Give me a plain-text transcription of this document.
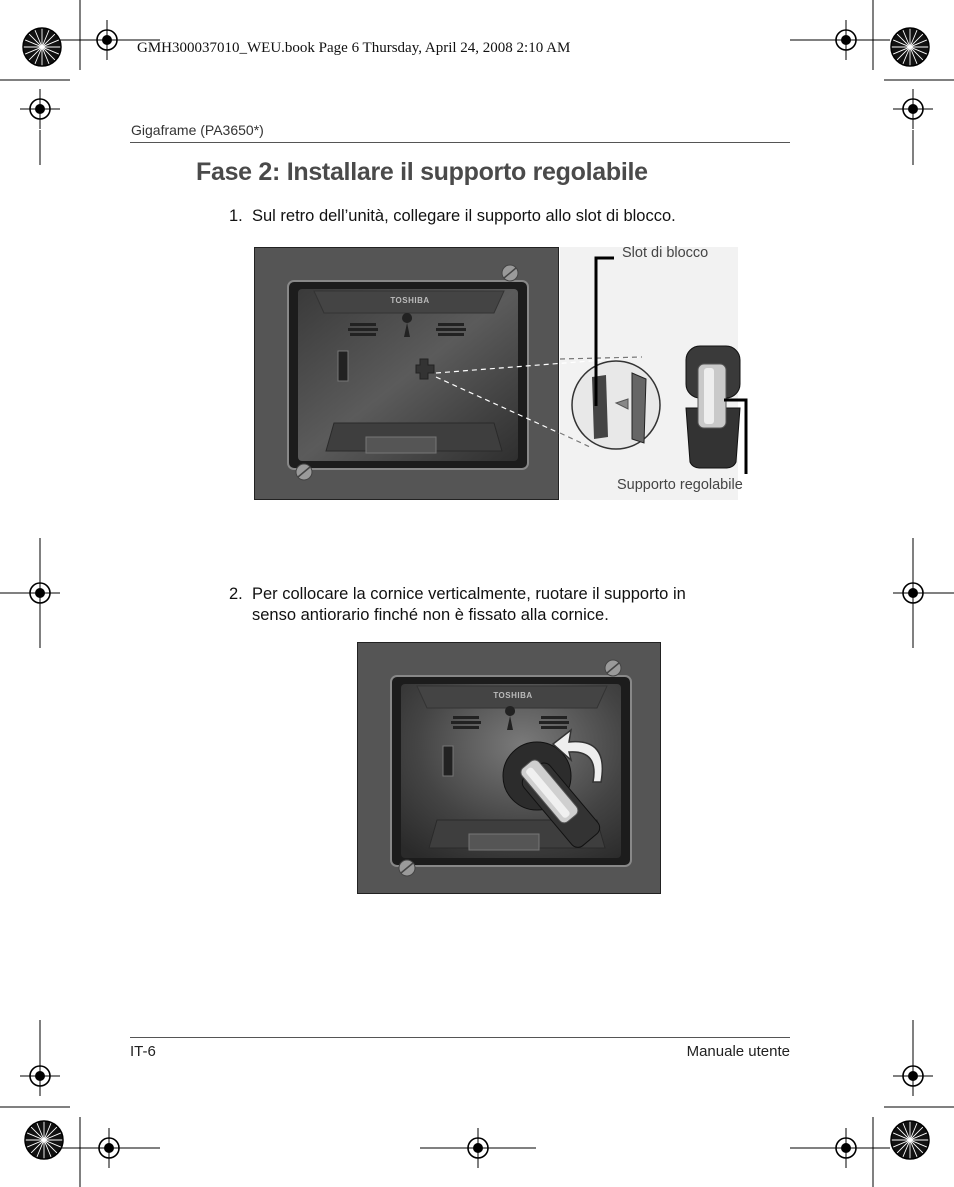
GMH300037010_WEU.book Page 6 Thursday, April 24, 2008 2:10 AM
Gigaframe (PA3650*)
Fase 2: Installare il supporto regolabile
1. Sul retro dell’unità, collegare il supporto allo slot di blocco.
TOSHIBA
Slot di blocco
Supporto regolabile
2. Per collocare la cornice verticalmente, ruotare il supporto in
senso antiorario finché non è fissato alla cornice.
TOSHIBA
IT-6	Manuale utente
